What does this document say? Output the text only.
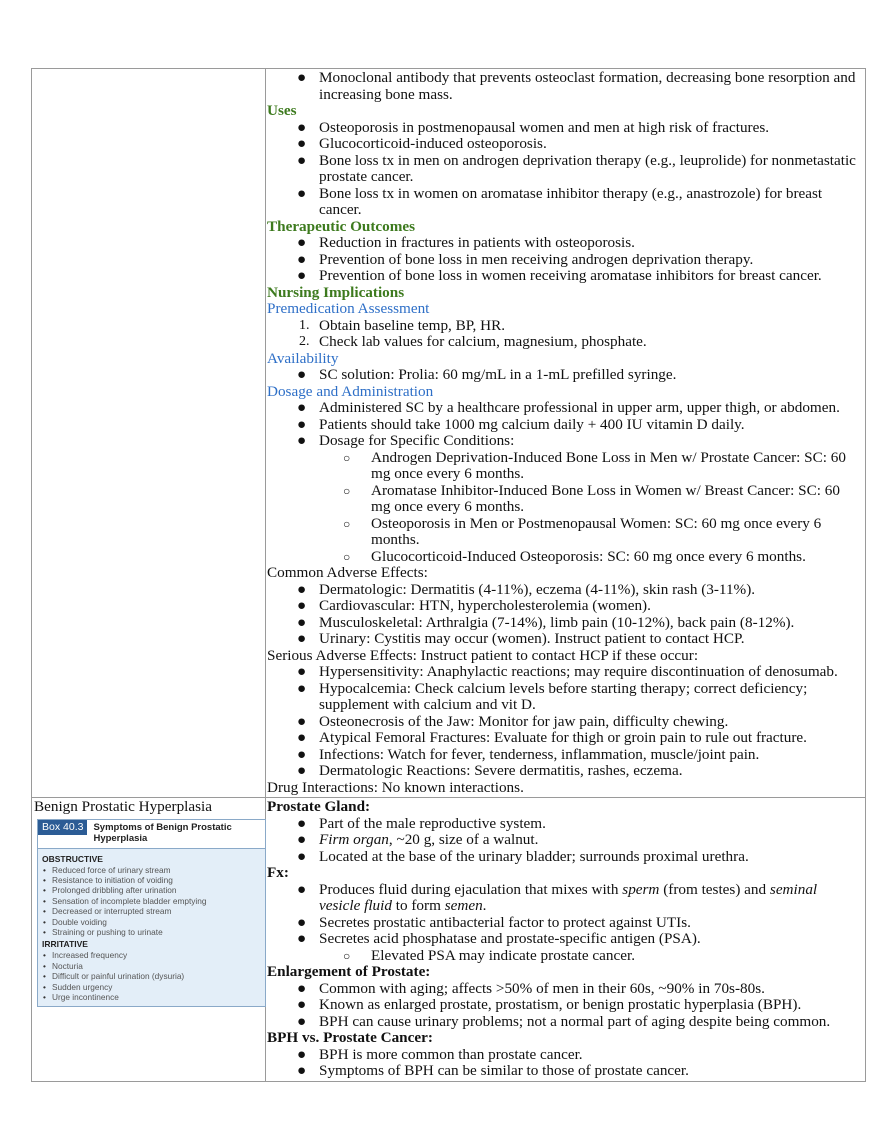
● Monoclonal antibody that prevents osteoclast formation, decreasing bone resorption and increasing bone mass.
Uses
● Osteoporosis in postmenopausal women and men at high risk of fractures.
● Glucocorticoid-induced osteoporosis.
● Bone loss tx in men on androgen deprivation therapy (e.g., leuprolide) for nonmetastatic prostate cancer.
● Bone loss tx in women on aromatase inhibitor therapy (e.g., anastrozole) for breast cancer.
Therapeutic Outcomes
● Reduction in fractures in patients with osteoporosis.
● Prevention of bone loss in men receiving androgen deprivation therapy.
● Prevention of bone loss in women receiving aromatase inhibitors for breast cancer.
Nursing Implications
Premedication Assessment
1. Obtain baseline temp, BP, HR.
2. Check lab values for calcium, magnesium, phosphate.
Availability
● SC solution: Prolia: 60 mg/mL in a 1-mL prefilled syringe.
Dosage and Administration
● Administered SC by a healthcare professional in upper arm, upper thigh, or abdomen.
● Patients should take 1000 mg calcium daily + 400 IU vitamin D daily.
● Dosage for Specific Conditions:
○ Androgen Deprivation-Induced Bone Loss in Men w/ Prostate Cancer: SC: 60 mg once every 6 months.
○ Aromatase Inhibitor-Induced Bone Loss in Women w/ Breast Cancer: SC: 60 mg once every 6 months.
○ Osteoporosis in Men or Postmenopausal Women: SC: 60 mg once every 6 months.
○ Glucocorticoid-Induced Osteoporosis: SC: 60 mg once every 6 months.
Common Adverse Effects:
● Dermatologic: Dermatitis (4-11%), eczema (4-11%), skin rash (3-11%).
● Cardiovascular: HTN, hypercholesterolemia (women).
● Musculoskeletal: Arthralgia (7-14%), limb pain (10-12%), back pain (8-12%).
● Urinary: Cystitis may occur (women). Instruct patient to contact HCP.
Serious Adverse Effects: Instruct patient to contact HCP if these occur:
● Hypersensitivity: Anaphylactic reactions; may require discontinuation of denosumab.
● Hypocalcemia: Check calcium levels before starting therapy; correct deficiency; supplement with calcium and vit D.
● Osteonecrosis of the Jaw: Monitor for jaw pain, difficulty chewing.
● Atypical Femoral Fractures: Evaluate for thigh or groin pain to rule out fracture.
● Infections: Watch for fever, tenderness, inflammation, muscle/joint pain.
● Dermatologic Reactions: Severe dermatitis, rashes, eczema.
Drug Interactions: No known interactions.
Benign Prostatic Hyperplasia
Box 40.3	Symptoms of Benign Prostatic Hyperplasia
OBSTRUCTIVE
• Reduced force of urinary stream
• Resistance to initiation of voiding
• Prolonged dribbling after urination
• Sensation of incomplete bladder emptying
• Decreased or interrupted stream
• Double voiding
• Straining or pushing to urinate
IRRITATIVE
• Increased frequency
• Nocturia
• Difficult or painful urination (dysuria)
• Sudden urgency
• Urge incontinence
Prostate Gland:
● Part of the male reproductive system.
● Firm organ, ~20 g, size of a walnut.
● Located at the base of the urinary bladder; surrounds proximal urethra.
Fx:
● Produces fluid during ejaculation that mixes with sperm (from testes) and seminal vesicle fluid to form semen.
● Secretes prostatic antibacterial factor to protect against UTIs.
● Secretes acid phosphatase and prostate-specific antigen (PSA).
○ Elevated PSA may indicate prostate cancer.
Enlargement of Prostate:
● Common with aging; affects >50% of men in their 60s, ~90% in 70s-80s.
● Known as enlarged prostate, prostatism, or benign prostatic hyperplasia (BPH).
● BPH can cause urinary problems; not a normal part of aging despite being common.
BPH vs. Prostate Cancer:
● BPH is more common than prostate cancer.
● Symptoms of BPH can be similar to those of prostate cancer.
